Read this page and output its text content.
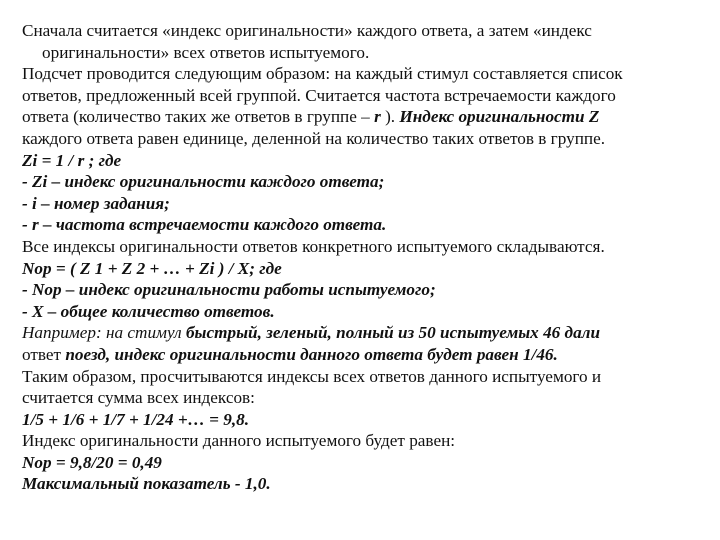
Сначала считается «индекс оригинальности» каждого ответа, а затем «индекс
оригинальности» всех ответов испытуемого.
Подсчет проводится следующим образом: на каждый стимул составляется список
ответов, предложенный всей группой. Считается частота встречаемости каждого
ответа (количество таких же ответов в группе – r ). Индекс оригинальности Z
каждого ответа равен единице, деленной на количество таких ответов в группе.
Zi = 1 / r ; где
- Zi – индекс оригинальности каждого ответа;
- i – номер задания;
- r – частота встречаемости каждого ответа.
Все индексы оригинальности ответов конкретного испытуемого складываются.
Nор = ( Z 1 + Z 2 + … + Zi ) / X; где
- Nор – индекс оригинальности работы испытуемого;
- X – общее количество ответов.
Например: на стимул быстрый, зеленый, полный из 50 испытуемых 46 дали
ответ поезд, индекс оригинальности данного ответа будет равен 1/46.
Таким образом, просчитываются индексы всех ответов данного испытуемого и
считается сумма всех индексов:
1/5 + 1/6 + 1/7 + 1/24 +… = 9,8.
Индекс оригинальности данного испытуемого будет равен:
Nор = 9,8/20 = 0,49
Максимальный показатель - 1,0.
